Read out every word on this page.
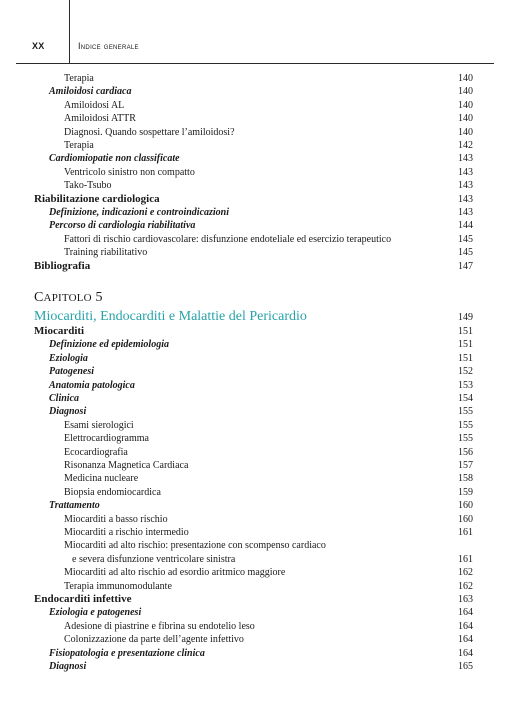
XX	Indice generale
Terapia	140
Amiloidosi cardiaca	140
Amiloidosi AL	140
Amiloidosi ATTR	140
Diagnosi. Quando sospettare l’amiloidosi?	140
Terapia	142
Cardiomiopatie non classificate	143
Ventricolo sinistro non compatto	143
Tako-Tsubo	143
Riabilitazione cardiologica	143
Definizione, indicazioni e controindicazioni	143
Percorso di cardiologia riabilitativa	144
Fattori di rischio cardiovascolare: disfunzione endoteliale ed esercizio terapeutico	145
Training riabilitativo	145
Bibliografia	147
CAPITOLO 5
Miocarditi, Endocarditi e Malattie del Pericardio	149
Miocarditi	151
Definizione ed epidemiologia	151
Eziologia	151
Patogenesi	152
Anatomia patologica	153
Clinica	154
Diagnosi	155
Esami sierologici	155
Elettrocardiogramma	155
Ecocardiografia	156
Risonanza Magnetica Cardiaca	157
Medicina nucleare	158
Biopsia endomiocardica	159
Trattamento	160
Miocarditi a basso rischio	160
Miocarditi a rischio intermedio	161
Miocarditi ad alto rischio: presentazione con scompenso cardiaco
e severa disfunzione ventricolare sinistra	161
Miocarditi ad alto rischio ad esordio aritmico maggiore	162
Terapia immunomodulante	162
Endocarditi infettive	163
Eziologia e patogenesi	164
Adesione di piastrine e fibrina su endotelio leso	164
Colonizzazione da parte dell’agente infettivo	164
Fisiopatologia e presentazione clinica	164
Diagnosi	165
